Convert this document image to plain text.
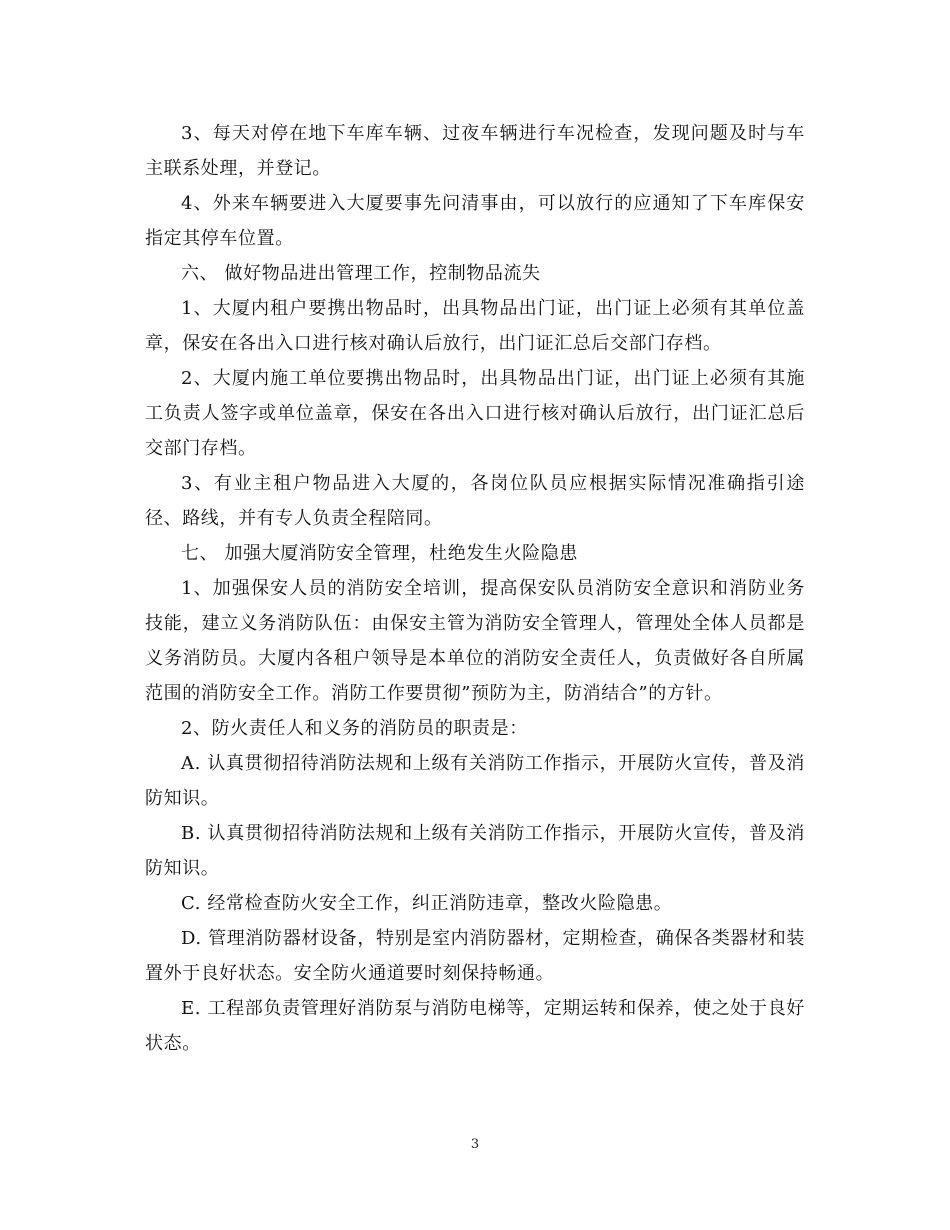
3、每天对停在地下车库车辆、过夜车辆进行车况检查，发现问题及时与车主联系处理，并登记。

4、外来车辆要进入大厦要事先问清事由，可以放行的应通知了下车库保安指定其停车位置。

六、 做好物品进出管理工作，控制物品流失

1、大厦内租户要携出物品时，出具物品出门证，出门证上必须有其单位盖章，保安在各出入口进行核对确认后放行，出门证汇总后交部门存档。

2、大厦内施工单位要携出物品时，出具物品出门证，出门证上必须有其施工负责人签字或单位盖章，保安在各出入口进行核对确认后放行，出门证汇总后交部门存档。

3、有业主租户物品进入大厦的，各岗位队员应根据实际情况准确指引途径、路线，并有专人负责全程陪同。

七、 加强大厦消防安全管理，杜绝发生火险隐患

1、加强保安人员的消防安全培训，提高保安队员消防安全意识和消防业务技能，建立义务消防队伍：由保安主管为消防安全管理人，管理处全体人员都是义务消防员。大厦内各租户领导是本单位的消防安全责任人，负责做好各自所属范围的消防安全工作。消防工作要贯彻”预防为主，防消结合”的方针。

2、防火责任人和义务的消防员的职责是：

A. 认真贯彻招待消防法规和上级有关消防工作指示，开展防火宣传，普及消防知识。

B. 认真贯彻招待消防法规和上级有关消防工作指示，开展防火宣传，普及消防知识。

C. 经常检查防火安全工作，纠正消防违章，整改火险隐患。

D. 管理消防器材设备，特别是室内消防器材，定期检查，确保各类器材和装置外于良好状态。安全防火通道要时刻保持畅通。

E. 工程部负责管理好消防泵与消防电梯等，定期运转和保养，使之处于良好状态。

3
